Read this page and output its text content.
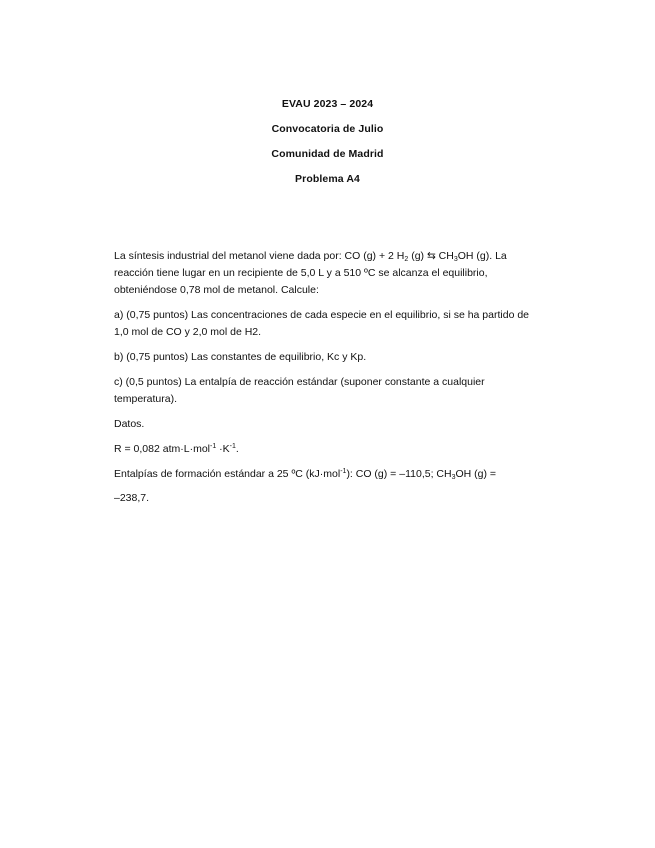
EVAU 2023 – 2024
Convocatoria de Julio
Comunidad de Madrid
Problema A4

La síntesis industrial del metanol viene dada por: CO (g) + 2 $H_2$ (g) ⇆ $CH_3OH$ (g). La reacción tiene lugar en un recipiente de 5,0 L y a 510 ºC se alcanza el equilibrio, obteniéndose 0,78 mol de metanol. Calcule:

a) (0,75 puntos) Las concentraciones de cada especie en el equilibrio, si se ha partido de 1,0 mol de CO y 2,0 mol de H2.

b) (0,75 puntos) Las constantes de equilibrio, Kc y Kp.

c) (0,5 puntos) La entalpía de reacción estándar (suponer constante a cualquier temperatura).

Datos.

R = 0,082 $atm\cdot L\cdot mol^{-1} \cdot K^{-1}$.

Entalpías de formación estándar a 25 ºC (kJ·mol$^{-1}$): CO (g) = –110,5; $CH_3OH$ (g) =

–238,7.
